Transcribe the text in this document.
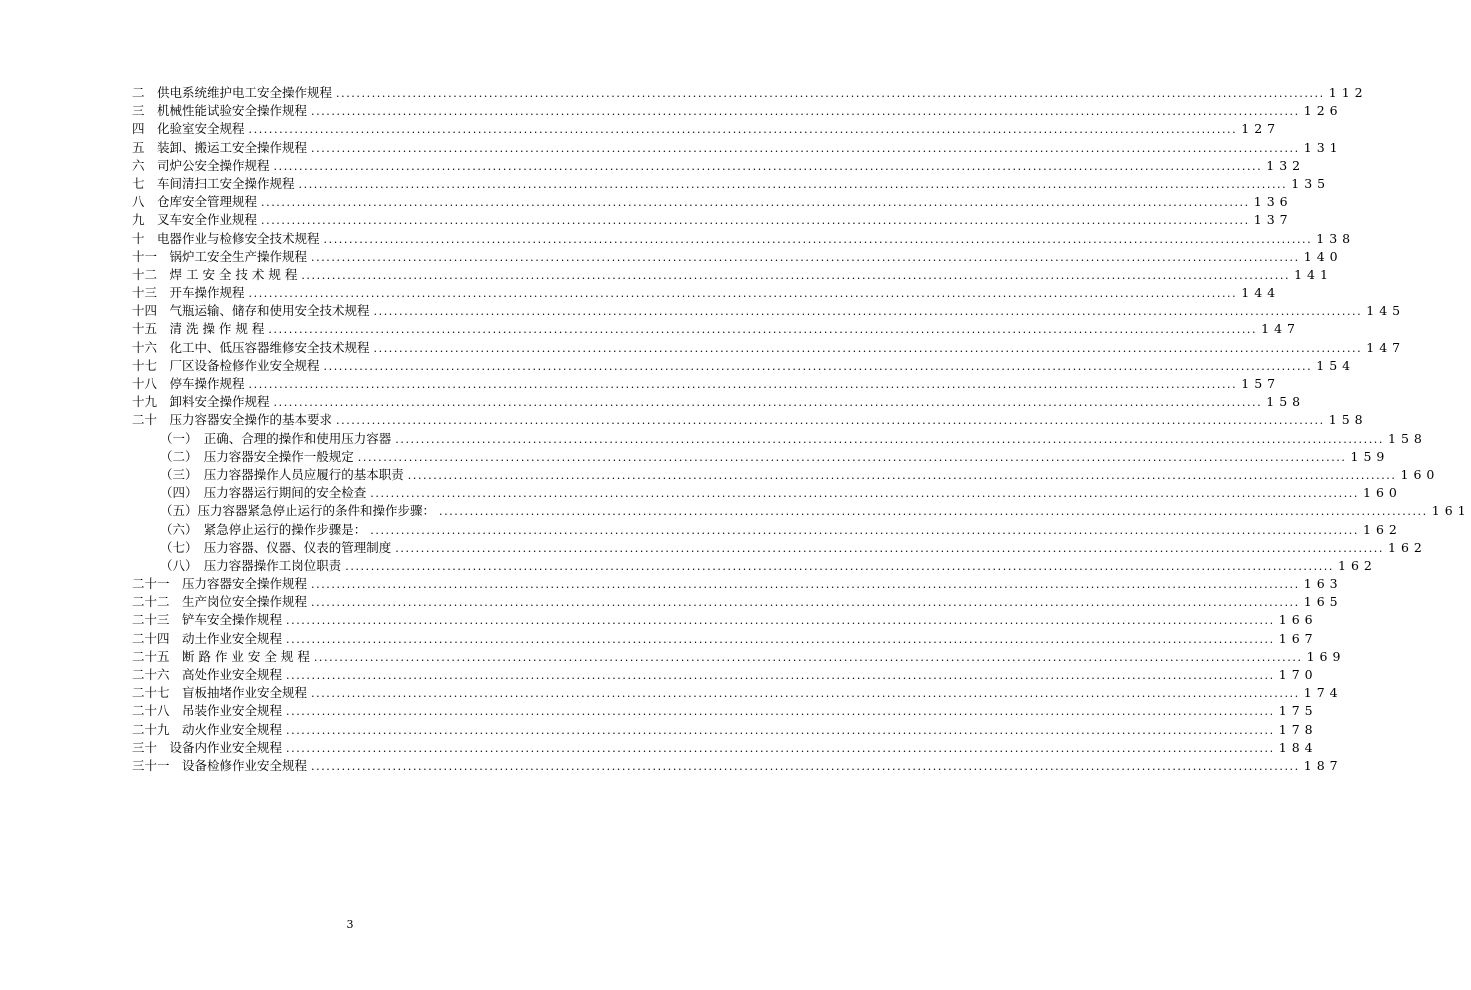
二　供电系统维护电工安全操作规程 .....	112
三　机械性能试验安全操作规程 .....	126
四　化验室安全规程 .....	127
五　装卸、搬运工安全操作规程 .....	131
六　司炉公安全操作规程 .....	132
七　车间清扫工安全操作规程 .....	135
八　仓库安全管理规程 .....	136
九　叉车安全作业规程 .....	137
十　电器作业与检修安全技术规程 .....	138
十一　锅炉工安全生产操作规程 .....	140
十二　焊 工 安 全 技 术 规 程 .....	141
十三　开车操作规程 .....	144
十四　气瓶运输、储存和使用安全技术规程 .....	145
十五　清 洗 操 作 规 程 .....	147
十六　化工中、低压容器维修安全技术规程 .....	147
十七　厂区设备检修作业安全规程 .....	154
十八　停车操作规程 .....	157
十九　卸料安全操作规程 .....	158
二十　压力容器安全操作的基本要求 .....	158
（一）　正确、合理的操作和使用压力容器 .....	158
（二）　压力容器安全操作一般规定 .....	159
（三）　压力容器操作人员应履行的基本职责 .....	160
（四）　压力容器运行期间的安全检查 .....	160
（五）压力容器紧急停止运行的条件和操作步骤： .....	161
（六）　紧急停止运行的操作步骤是： .....	162
（七）　压力容器、仪器、仪表的管理制度 .....	162
（八）　压力容器操作工岗位职责 .....	162
二十一　压力容器安全操作规程 .....	163
二十二　生产岗位安全操作规程 .....	165
二十三　铲车安全操作规程 .....	166
二十四　动土作业安全规程 .....	167
二十五　断 路 作 业 安 全 规 程 .....	169
二十六　高处作业安全规程 .....	170
二十七　盲板抽堵作业安全规程 .....	174
二十八　吊装作业安全规程 .....	175
二十九　动火作业安全规程 .....	178
三十　设备内作业安全规程 .....	184
三十一　设备检修作业安全规程 .....	187
3
